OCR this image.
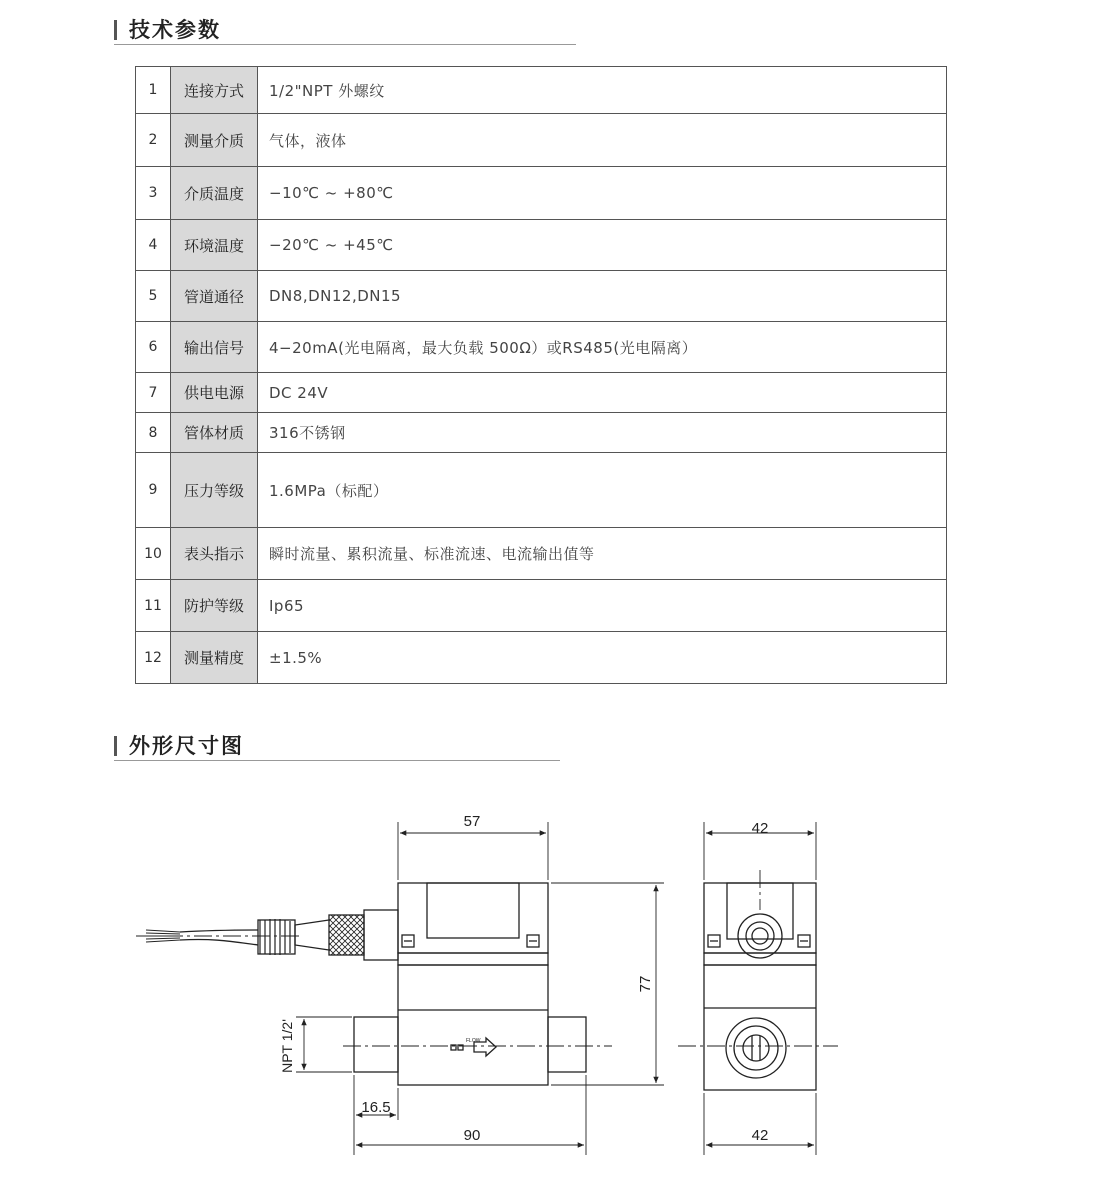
技术参数
1	连接方式	1/2"NPT 外螺纹
2	测量介质	气体，液体
3	介质温度	−10℃ ~ +80℃
4	环境温度	−20℃ ~ +45℃
5	管道通径	DN8,DN12,DN15
6	输出信号	4−20mA(光电隔离，最大负载 500Ω）或RS485(光电隔离）
7	供电电源	DC 24V
8	管体材质	316不锈钢
9	压力等级	1.6MPa（标配）
10	表头指示	瞬时流量、累积流量、标准流速、电流输出值等
11	防护等级	Ip65
12	测量精度	±1.5%
外形尺寸图
57
77
NPT 1/2'
16.5
90
42
42
FLOW
